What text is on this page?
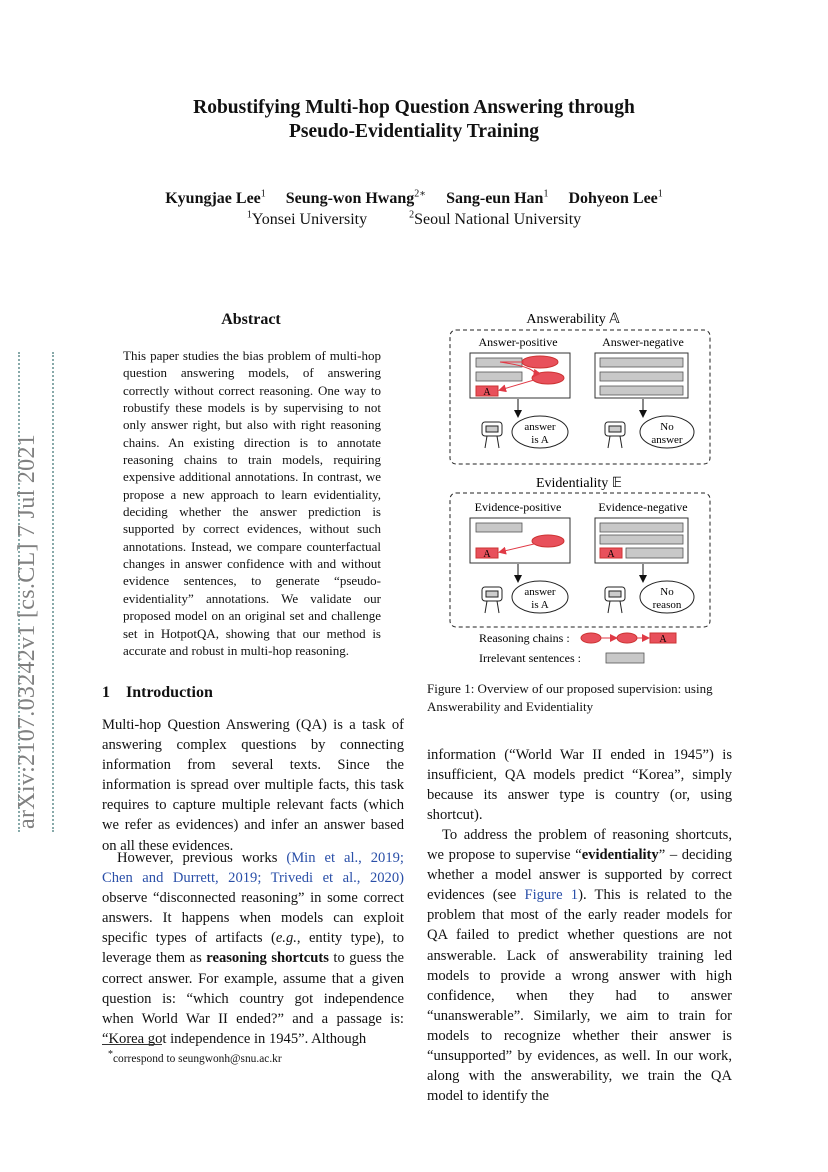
Robustifying Multi-hop Question Answering through
Pseudo-Evidentiality Training
Kyungjae Lee$^1$ Seung-won Hwang$^{2∗}$ Sang-eun Han$^1$ Dohyeon Lee$^1$
$^1$Yonsei University	$^2$Seoul National University
arXiv:2107.03242v1 [cs.CL] 7 Jul 2021
Abstract
This paper studies the bias problem of multi-hop question answering models, of answering correctly without correct reasoning. One way to robustify these models is by supervising to not only answer right, but also with right reasoning chains. An existing direction is to annotate reasoning chains to train models, requiring expensive additional annotations. In contrast, we propose a new approach to learn evidentiality, deciding whether the answer prediction is supported by correct evidences, without such annotations. Instead, we compare counterfactual changes in answer confidence with and without evidence sentences, to generate “pseudo-evidentiality” annotations. We validate our proposed model on an original set and challenge set in HotpotQA, showing that our method is accurate and robust in multi-hop reasoning.
1 Introduction
Multi-hop Question Answering (QA) is a task of answering complex questions by connecting information from several texts. Since the information is spread over multiple facts, this task requires to capture multiple relevant facts (which we refer as evidences) and infer an answer based on all these evidences.
However, previous works (Min et al., 2019; Chen and Durrett, 2019; Trivedi et al., 2020) observe “disconnected reasoning” in some correct answers. It happens when models can exploit specific types of artifacts (e.g., entity type), to leverage them as reasoning shortcuts to guess the correct answer. For example, assume that a given question is: “which country got independence when World War II ended?” and a passage is: “Korea got independence in 1945”. Although
*correspond to seungwonh@snu.ac.kr
Answerability 𝔸
Answer-positive	Answer-negative
A
answer
is A
No
answer
Evidentiality 𝔼
Evidence-positive	Evidence-negative
A	A
answer
is A
No
reason
Reasoning chains :	A
Irrelevant sentences :
Figure 1: Overview of our proposed supervision: using Answerability and Evidentiality
information (“World War II ended in 1945”) is insufficient, QA models predict “Korea”, simply because its answer type is country (or, using shortcut).
To address the problem of reasoning shortcuts, we propose to supervise “evidentiality” – deciding whether a model answer is supported by correct evidences (see Figure 1). This is related to the problem that most of the early reader models for QA failed to predict whether questions are not answerable. Lack of answerability training led models to provide a wrong answer with high confidence, when they had to answer “unanswerable”. Similarly, we aim to train for models to recognize whether their answer is “unsupported” by evidences, as well. In our work, along with the answerability, we train the QA model to identify the
